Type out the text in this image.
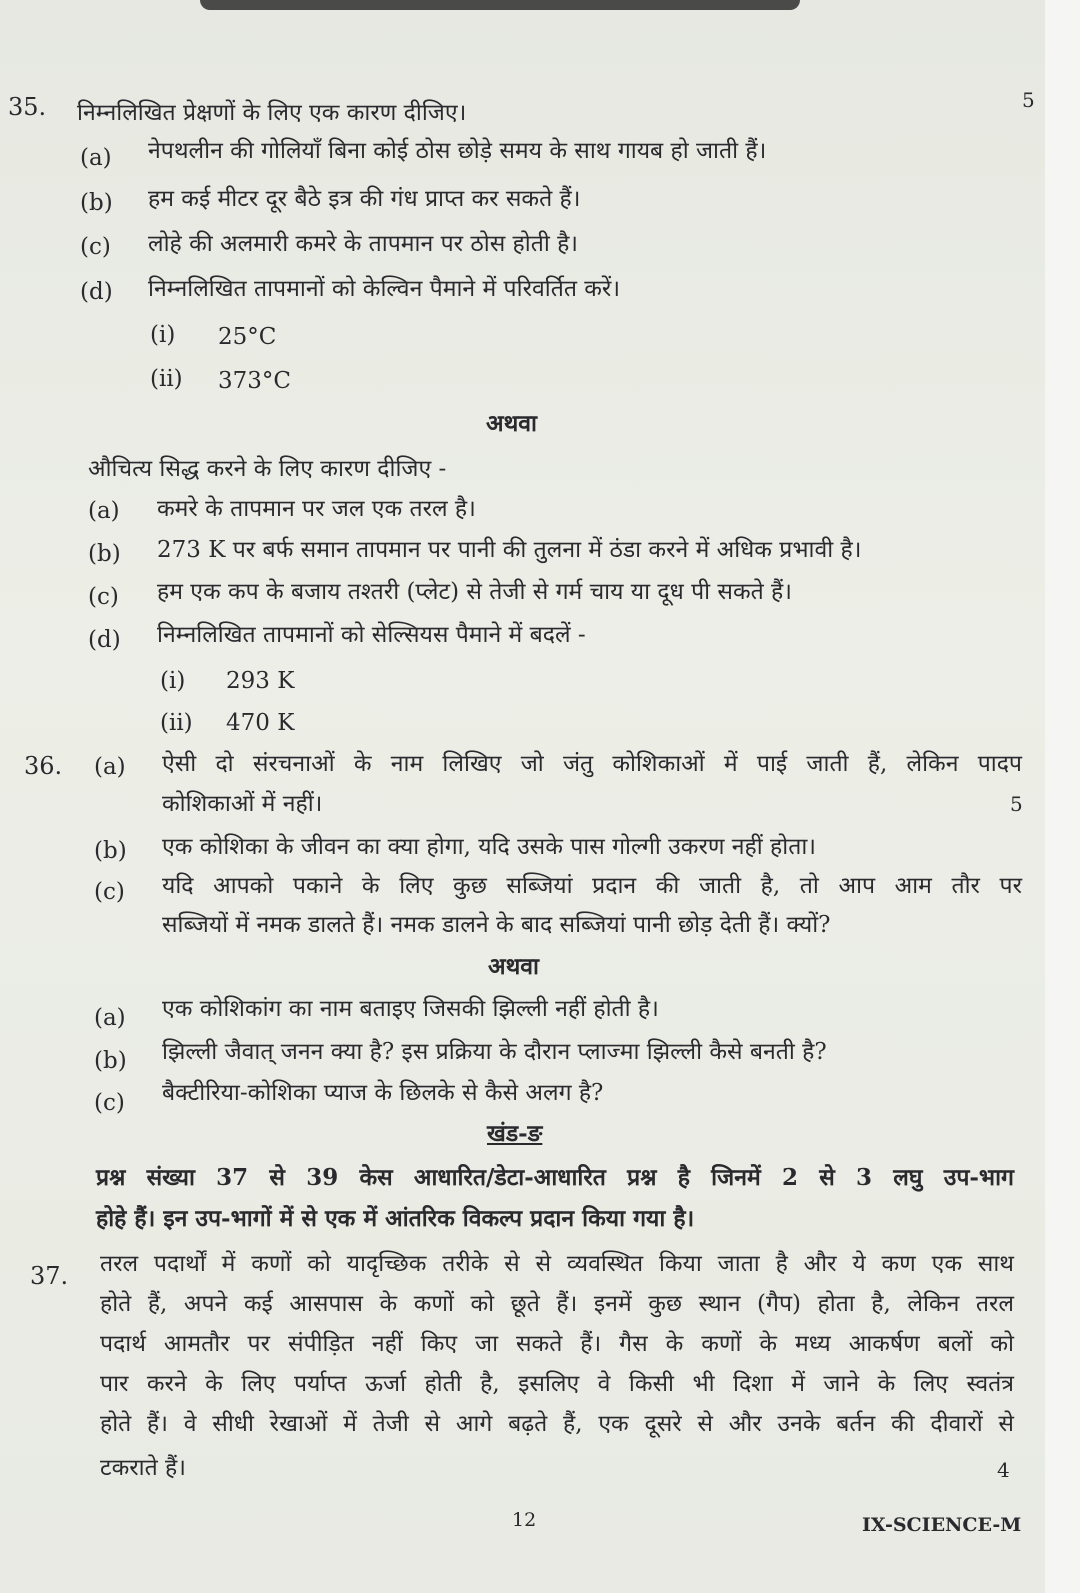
35.	5
निम्नलिखित प्रेक्षणों के लिए एक कारण दीजिए।
(a) नेपथलीन की गोलियाँ बिना कोई ठोस छोड़े समय के साथ गायब हो जाती हैं।
(b) हम कई मीटर दूर बैठे इत्र की गंध प्राप्त कर सकते हैं।
(c) लोहे की अलमारी कमरे के तापमान पर ठोस होती है।
(d) निम्नलिखित तापमानों को केल्विन पैमाने में परिवर्तित करें।
(i) 25°C
(ii) 373°C
अथवा
औचित्य सिद्ध करने के लिए कारण दीजिए -
(a) कमरे के तापमान पर जल एक तरल है।
(b) 273 K पर बर्फ समान तापमान पर पानी की तुलना में ठंडा करने में अधिक प्रभावी है।
(c) हम एक कप के बजाय तश्तरी (प्लेट) से तेजी से गर्म चाय या दूध पी सकते हैं।
(d) निम्नलिखित तापमानों को सेल्सियस पैमाने में बदलें -
(i) 293 K
(ii) 470 K
36. (a) ऐसी दो संरचनाओं के नाम लिखिए जो जंतु कोशिकाओं में पाई जाती हैं, लेकिन पादप
कोशिकाओं में नहीं।	5
(b) एक कोशिका के जीवन का क्या होगा, यदि उसके पास गोल्गी उकरण नहीं होता।
(c) यदि आपको पकाने के लिए कुछ सब्जियां प्रदान की जाती है, तो आप आम तौर पर
सब्जियों में नमक डालते हैं। नमक डालने के बाद सब्जियां पानी छोड़ देती हैं। क्यों?
अथवा
(a) एक कोशिकांग का नाम बताइए जिसकी झिल्ली नहीं होती है।
(b) झिल्ली जैवात् जनन क्या है? इस प्रक्रिया के दौरान प्लाज्मा झिल्ली कैसे बनती है?
(c) बैक्टीरिया-कोशिका प्याज के छिलके से कैसे अलग है?
खंड-ङ
प्रश्न संख्या 37 से 39 केस आधारित/डेटा-आधारित प्रश्न है जिनमें 2 से 3 लघु उप-भाग
होहे हैं। इन उप-भागों में से एक में आंतरिक विकल्प प्रदान किया गया है।
37. तरल पदार्थों में कणों को यादृच्छिक तरीके से से व्यवस्थित किया जाता है और ये कण एक साथ
होते हैं, अपने कई आसपास के कणों को छूते हैं। इनमें कुछ स्थान (गैप) होता है, लेकिन तरल
पदार्थ आमतौर पर संपीड़ित नहीं किए जा सकते हैं। गैस के कणों के मध्य आकर्षण बलों को
पार करने के लिए पर्याप्त ऊर्जा होती है, इसलिए वे किसी भी दिशा में जाने के लिए स्वतंत्र
होते हैं। वे सीधी रेखाओं में तेजी से आगे बढ़ते हैं, एक दूसरे से और उनके बर्तन की दीवारों से
टकराते हैं।	4
12	IX-SCIENCE-M
